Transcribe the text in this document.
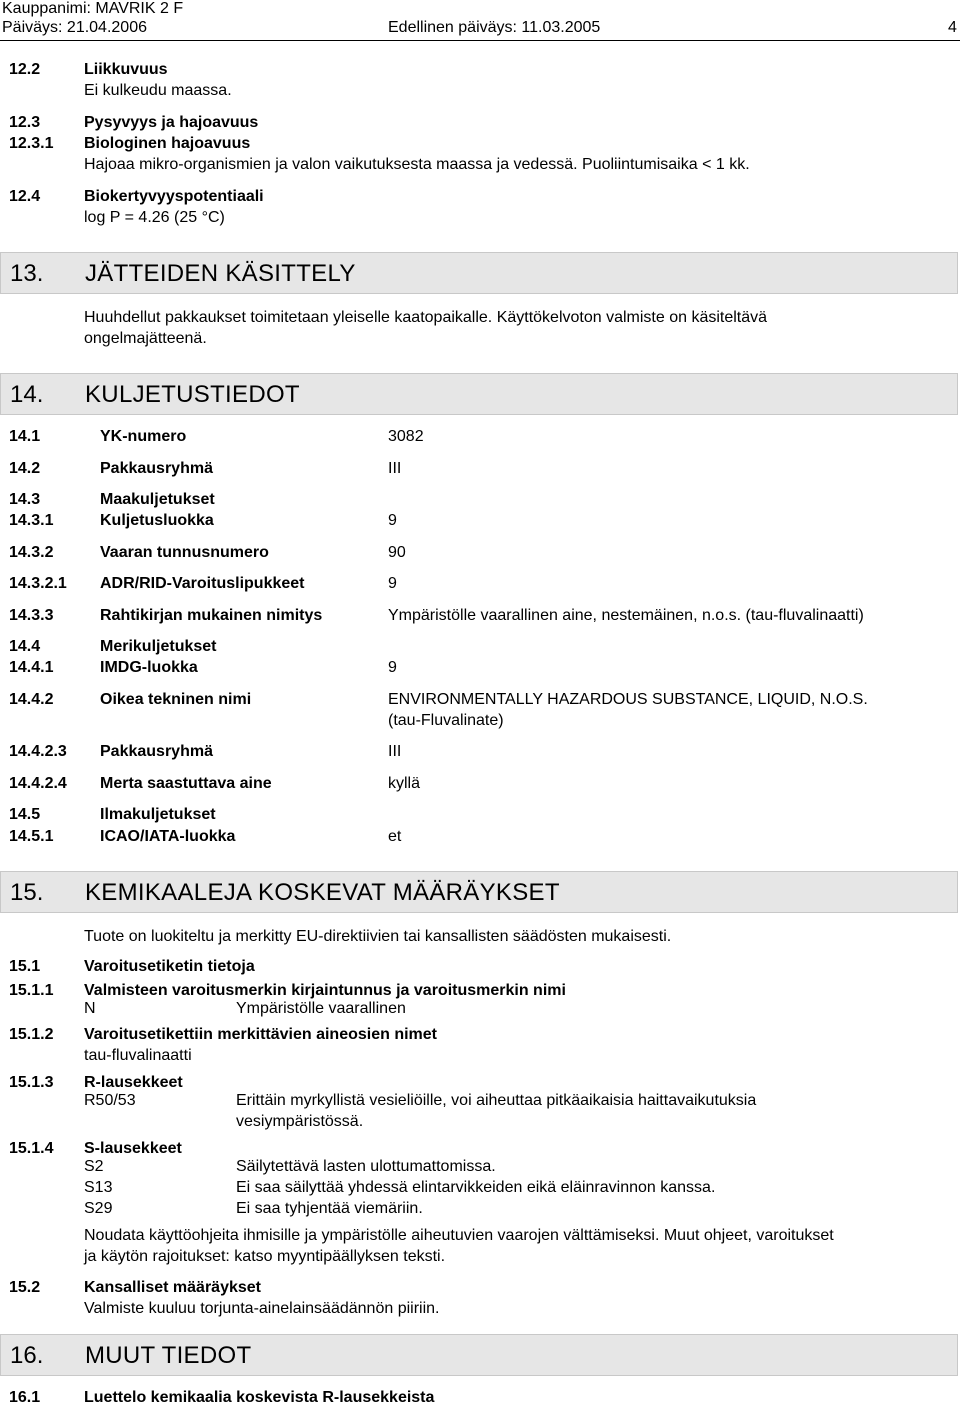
Kauppanimi: MAVRIK 2 F
Päiväys: 21.04.2006	Edellinen päiväys: 11.03.2005	4
12.2	Liikkuvuus
Ei kulkeudu maassa.
12.3	Pysyvyys ja hajoavuus
12.3.1 Biologinen hajoavuus
Hajoaa mikro-organismien ja valon vaikutuksesta maassa ja vedessä. Puoliintumisaika < 1 kk.
12.4	Biokertyvyyspotentiaali
log P = 4.26 (25 °C)
13. JÄTTEIDEN KÄSITTELY
Huuhdellut pakkaukset toimitetaan yleiselle kaatopaikalle. Käyttökelvoton valmiste on käsiteltävä
ongelmajätteenä.
14. KULJETUSTIEDOT
14.1	YK-numero	3082
14.2	Pakkausryhmä	III
14.3	Maakuljetukset
14.3.1	Kuljetusluokka	9
14.3.2	Vaaran tunnusnumero	90
14.3.2.1 ADR/RID-Varoituslipukkeet	9
14.3.3	Rahtikirjan mukainen nimitys	Ympäristölle vaarallinen aine, nestemäinen, n.o.s. (tau-fluvalinaatti)
14.4	Merikuljetukset
14.4.1	IMDG-luokka	9
14.4.2	Oikea tekninen nimi	ENVIRONMENTALLY HAZARDOUS SUBSTANCE, LIQUID, N.O.S.
(tau-Fluvalinate)
14.4.2.3 Pakkausryhmä	III
14.4.2.4 Merta saastuttava aine	kyllä
14.5	Ilmakuljetukset
14.5.1	ICAO/IATA-luokka	et
15. KEMIKAALEJA KOSKEVAT MÄÄRÄYKSET
Tuote on luokiteltu ja merkitty EU-direktiivien tai kansallisten säädösten mukaisesti.
15.1	Varoitusetiketin tietoja
15.1.1 Valmisteen varoitusmerkin kirjaintunnus ja varoitusmerkin nimi
N	Ympäristölle vaarallinen
15.1.2 Varoitusetikettiin merkittävien aineosien nimet
tau-fluvalinaatti
15.1.3 R-lausekkeet
R50/53	Erittäin myrkyllistä vesieliöille, voi aiheuttaa pitkäaikaisia haittavaikutuksia
vesiympäristössä.
15.1.4 S-lausekkeet
S2	Säilytettävä lasten ulottumattomissa.
S13	Ei saa säilyttää yhdessä elintarvikkeiden eikä eläinravinnon kanssa.
S29	Ei saa tyhjentää viemäriin.
Noudata käyttöohjeita ihmisille ja ympäristölle aiheutuvien vaarojen välttämiseksi. Muut ohjeet, varoitukset
ja käytön rajoitukset: katso myyntipäällyksen teksti.
15.2	Kansalliset määräykset
Valmiste kuuluu torjunta-ainelainsäädännön piiriin.
16. MUUT TIEDOT
16.1	Luettelo kemikaalia koskevista R-lausekkeista
